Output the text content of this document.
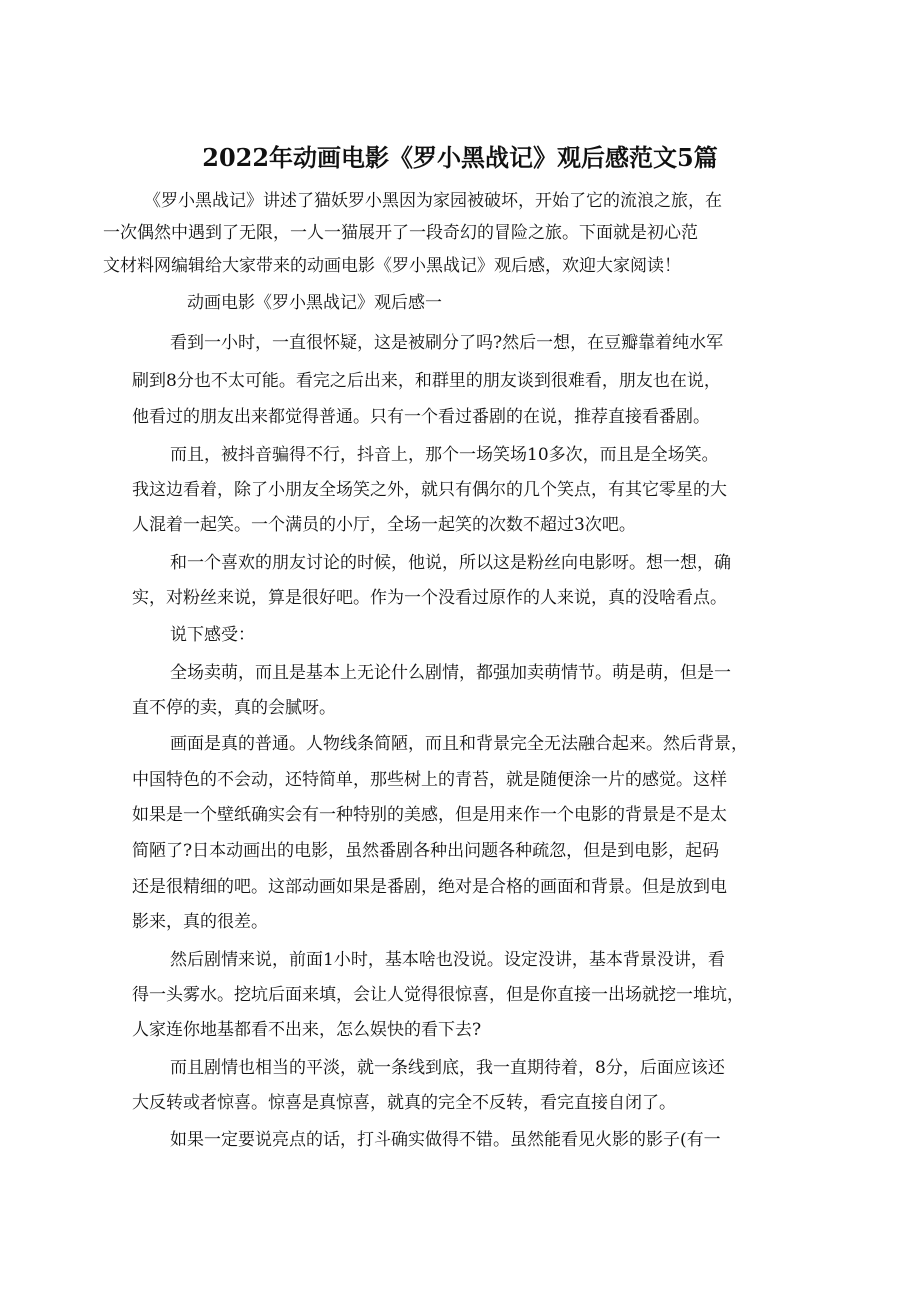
2022年动画电影《罗小黑战记》观后感范文5篇
《罗小黑战记》讲述了猫妖罗小黑因为家园被破坏，开始了它的流浪之旅，在
一次偶然中遇到了无限，一人一猫展开了一段奇幻的冒险之旅。下面就是初心范
文材料网编辑给大家带来的动画电影《罗小黑战记》观后感，欢迎大家阅读！
动画电影《罗小黑战记》观后感一
看到一小时，一直很怀疑，这是被刷分了吗?然后一想，在豆瓣靠着纯水军
刷到8分也不太可能。看完之后出来，和群里的朋友谈到很难看，朋友也在说，
他看过的朋友出来都觉得普通。只有一个看过番剧的在说，推荐直接看番剧。
而且，被抖音骗得不行，抖音上，那个一场笑场10多次，而且是全场笑。
我这边看着，除了小朋友全场笑之外，就只有偶尔的几个笑点，有其它零星的大
人混着一起笑。一个满员的小厅，全场一起笑的次数不超过3次吧。
和一个喜欢的朋友讨论的时候，他说，所以这是粉丝向电影呀。想一想，确
实，对粉丝来说，算是很好吧。作为一个没看过原作的人来说，真的没啥看点。
说下感受：
全场卖萌，而且是基本上无论什么剧情，都强加卖萌情节。萌是萌，但是一
直不停的卖，真的会腻呀。
画面是真的普通。人物线条简陋，而且和背景完全无法融合起来。然后背景，
中国特色的不会动，还特简单，那些树上的青苔，就是随便涂一片的感觉。这样
如果是一个壁纸确实会有一种特别的美感，但是用来作一个电影的背景是不是太
简陋了?日本动画出的电影，虽然番剧各种出问题各种疏忽，但是到电影，起码
还是很精细的吧。这部动画如果是番剧，绝对是合格的画面和背景。但是放到电
影来，真的很差。
然后剧情来说，前面1小时，基本啥也没说。设定没讲，基本背景没讲，看
得一头雾水。挖坑后面来填，会让人觉得很惊喜，但是你直接一出场就挖一堆坑，
人家连你地基都看不出来，怎么娱快的看下去?
而且剧情也相当的平淡，就一条线到底，我一直期待着，8分，后面应该还
大反转或者惊喜。惊喜是真惊喜，就真的完全不反转，看完直接自闭了。
如果一定要说亮点的话，打斗确实做得不错。虽然能看见火影的影子(有一
